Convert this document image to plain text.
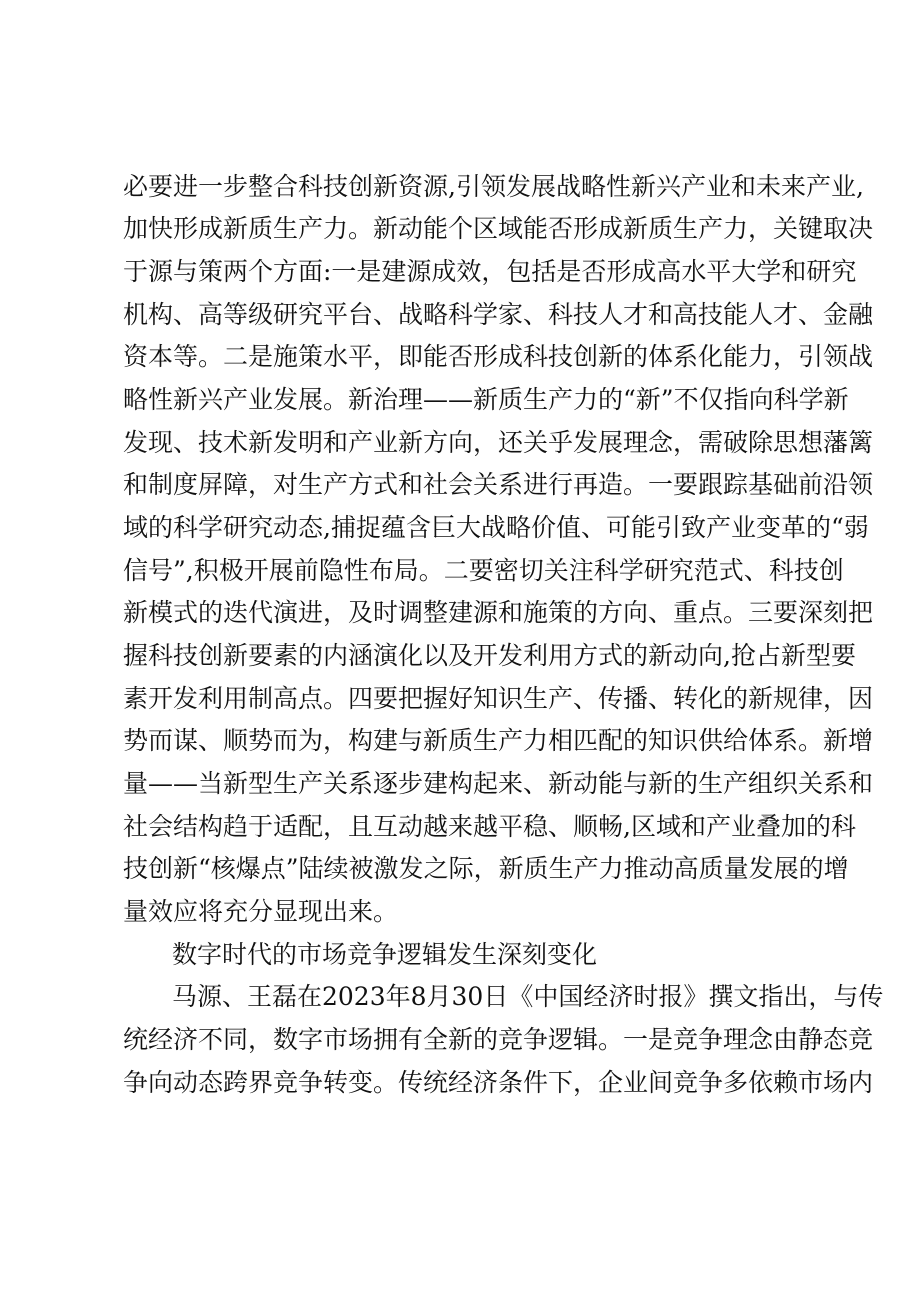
必要进一步整合科技创新资源,引领发展战略性新兴产业和未来产业,
加快形成新质生产力。新动能个区域能否形成新质生产力，关键取决
于源与策两个方面:一是建源成效，包括是否形成高水平大学和研究
机构、高等级研究平台、战略科学家、科技人才和高技能人才、金融
资本等。二是施策水平，即能否形成科技创新的体系化能力，引领战
略性新兴产业发展。新治理——新质生产力的“新”不仅指向科学新
发现、技术新发明和产业新方向，还关乎发展理念，需破除思想藩篱
和制度屏障，对生产方式和社会关系进行再造。一要跟踪基础前沿领
域的科学研究动态,捕捉蕴含巨大战略价值、可能引致产业变革的“弱
信号”,积极开展前隐性布局。二要密切关注科学研究范式、科技创
新模式的迭代演进，及时调整建源和施策的方向、重点。三要深刻把
握科技创新要素的内涵演化以及开发利用方式的新动向,抢占新型要
素开发利用制高点。四要把握好知识生产、传播、转化的新规律，因
势而谋、顺势而为，构建与新质生产力相匹配的知识供给体系。新增
量——当新型生产关系逐步建构起来、新动能与新的生产组织关系和
社会结构趋于适配，且互动越来越平稳、顺畅,区域和产业叠加的科
技创新“核爆点”陆续被激发之际，新质生产力推动高质量发展的增
量效应将充分显现出来。
数字时代的市场竞争逻辑发生深刻变化
马源、王磊在2023年8月30日《中国经济时报》撰文指出，与传
统经济不同，数字市场拥有全新的竞争逻辑。一是竞争理念由静态竞
争向动态跨界竞争转变。传统经济条件下，企业间竞争多依赖市场内
